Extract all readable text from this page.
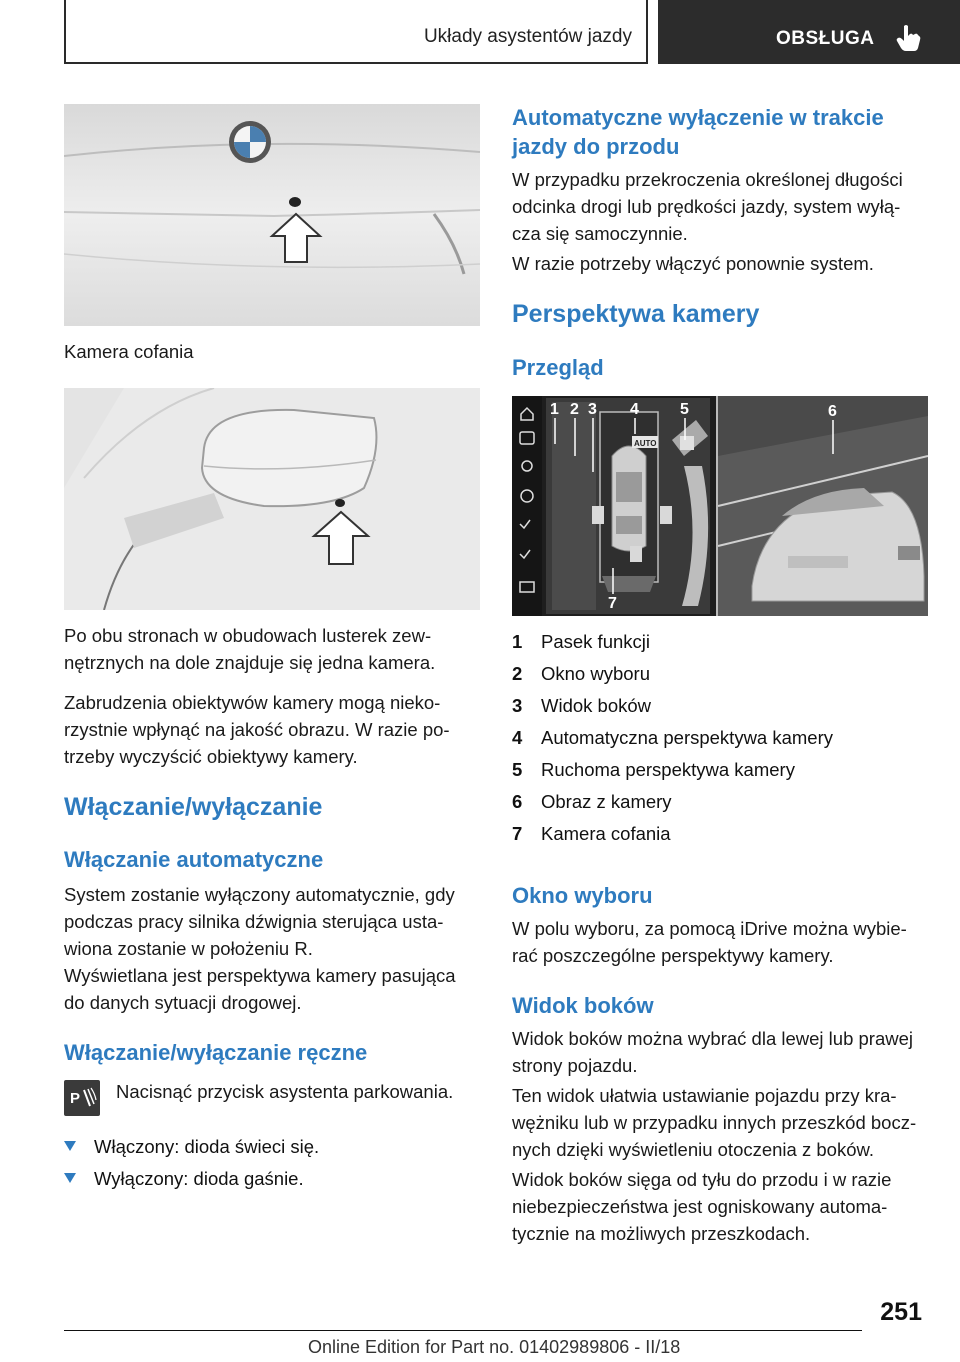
Układy asystentów jazdy	OBSŁUGA

Kamera cofania

Po obu stronach w obudowach lusterek zew-

nętrznych na dole znajduje się jedna kamera.

Zabrudzenia obiektywów kamery mogą nieko-

rzystnie wpłynąć na jakość obrazu. W razie po-

trzeby wyczyścić obiektywy kamery.

Włączanie/wyłączanie
Włączanie automatyczne

System zostanie wyłączony automatycznie, gdy

podczas pracy silnika dźwignia sterująca usta-

wiona zostanie w położeniu R.

Wyświetlana jest perspektywa kamery pasująca

do danych sytuacji drogowej.

Włączanie/wyłączanie ręczne
P Nacisnąć przycisk asystenta parkowania.

Włączony: dioda świeci się.
Wyłączony: dioda gaśnie.
Automatyczne wyłączenie w trakcie
jazdy do przodu

W przypadku przekroczenia określonej długości

odcinka drogi lub prędkości jazdy, system wyłą-

cza się samoczynnie.

W razie potrzeby włączyć ponownie system.

Perspektywa kamery
Przegląd
AUTO
1 2 3 4	5	6
7
1 Pasek funkcji
2 Okno wyboru
3 Widok boków
4 Automatyczna perspektywa kamery
5 Ruchoma perspektywa kamery
6 Obraz z kamery
7 Kamera cofania
Okno wyboru

W polu wyboru, za pomocą iDrive można wybie-

rać poszczególne perspektywy kamery.

Widok boków

Widok boków można wybrać dla lewej lub prawej

strony pojazdu.

Ten widok ułatwia ustawianie pojazdu przy kra-

wężniku lub w przypadku innych przeszkód bocz-

nych dzięki wyświetleniu otoczenia z boków.

Widok boków sięga od tyłu do przodu i w razie

niebezpieczeństwa jest ogniskowany automa-

tycznie na możliwych przeszkodach.

251
Online Edition for Part no. 01402989806 - II/18
